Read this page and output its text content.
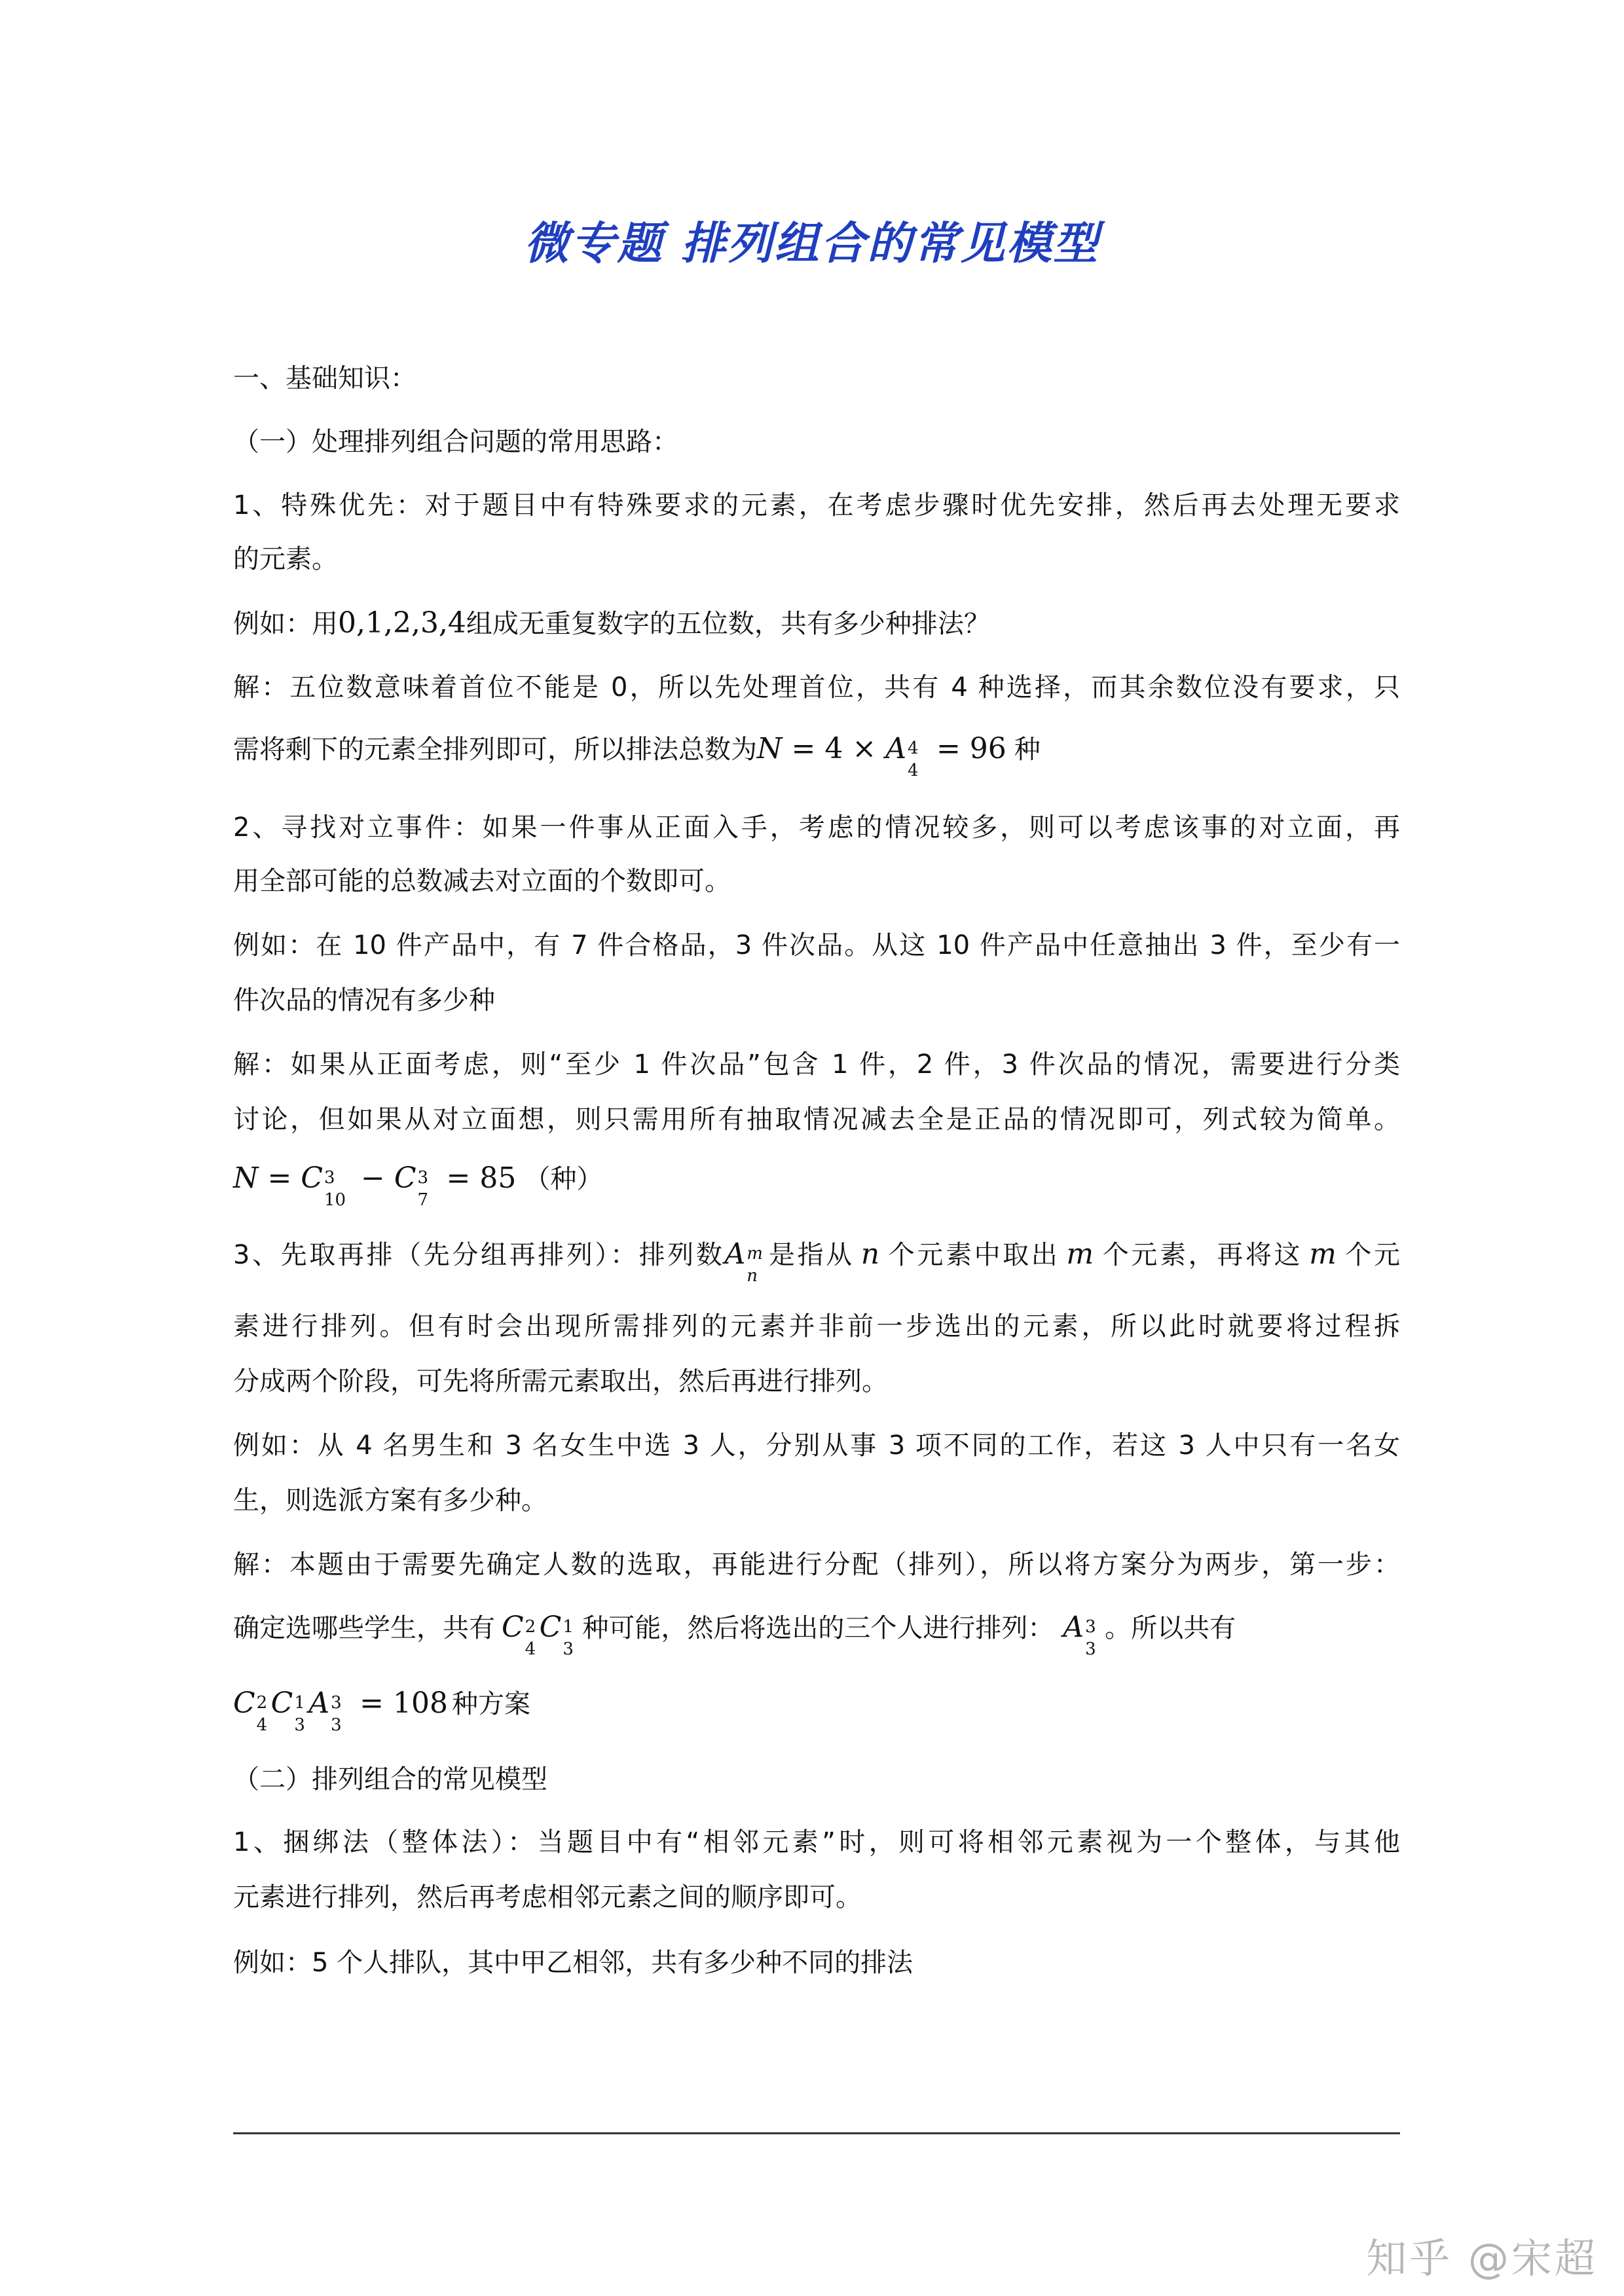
微专题 排列组合的常见模型
一、基础知识：
（一）处理排列组合问题的常用思路：
1、特殊优先：对于题目中有特殊要求的元素，在考虑步骤时优先安排，然后再去处理无要求
的元素。
例如：用0,1,2,3,4组成无重复数字的五位数，共有多少种排法？
解：五位数意味着首位不能是 0，所以先处理首位，共有 4 种选择，而其余数位没有要求，只
需将剩下的元素全排列即可，所以排法总数为N = 4 × A 4
4
= 96 种
2、寻找对立事件：如果一件事从正面入手，考虑的情况较多，则可以考虑该事的对立面，再
用全部可能的总数减去对立面的个数即可。
例如：在 10 件产品中，有 7 件合格品，3 件次品。从这 10 件产品中任意抽出 3 件，至少有一
件次品的情况有多少种
解：如果从正面考虑，则“至少 1 件次品”包含 1 件，2 件，3 件次品的情况，需要进行分类
讨论，但如果从对立面想，则只需用所有抽取情况减去全是正品的情况即可，列式较为简单。
N = C 3
10
− C 3
7
= 85 （种）
3、先取再排（先分组再排列）：排列数A m
n
是指从 n 个元素中取出 m 个元素，再将这 m 个元
素进行排列。但有时会出现所需排列的元素并非前一步选出的元素，所以此时就要将过程拆
分成两个阶段，可先将所需元素取出，然后再进行排列。
例如：从 4 名男生和 3 名女生中选 3 人，分别从事 3 项不同的工作，若这 3 人中只有一名女
生，则选派方案有多少种。
解：本题由于需要先确定人数的选取，再能进行分配（排列），所以将方案分为两步，第一步：
确定选哪些学生，共有 C 2
4
C 1
3
种可能，然后将选出的三个人进行排列： A 3
3
。所以共有
C 2
4
C 1
3
A 3
3
= 108 种方案
（二）排列组合的常见模型
1、捆绑法（整体法）：当题目中有“相邻元素”时，则可将相邻元素视为一个整体，与其他
元素进行排列，然后再考虑相邻元素之间的顺序即可。
例如：5 个人排队，其中甲乙相邻，共有多少种不同的排法
知乎 @宋超
